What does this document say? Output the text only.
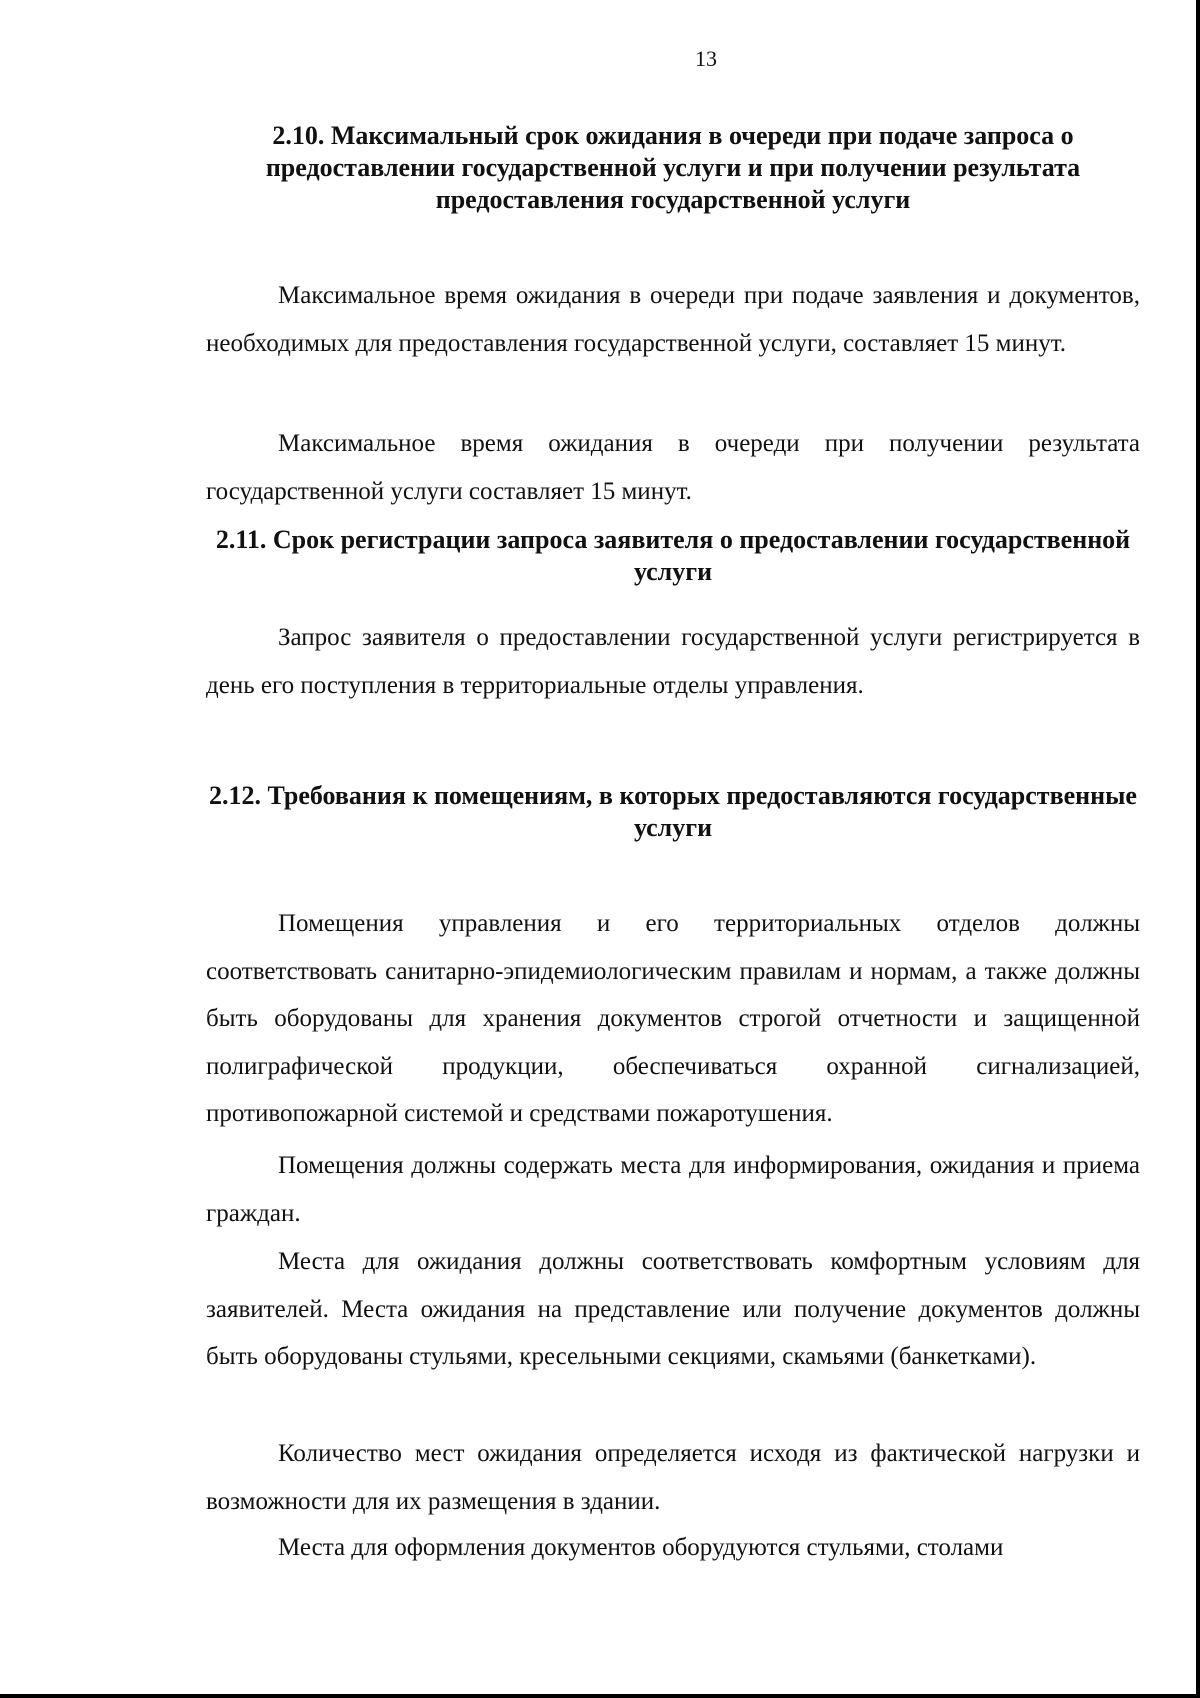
13
2.10. Максимальный срок ожидания в очереди при подаче запроса о предоставлении государственной услуги и при получении результата предоставления государственной услуги
Максимальное время ожидания в очереди при подаче заявления и документов, необходимых для предоставления государственной услуги, составляет 15 минут.
Максимальное время ожидания в очереди при получении результата государственной услуги составляет 15 минут.
2.11. Срок регистрации запроса заявителя о предоставлении государственной услуги
Запрос заявителя о предоставлении государственной услуги регистрируется в день его поступления в территориальные отделы управления.
2.12. Требования к помещениям, в которых предоставляются государственные услуги
Помещения управления и его территориальных отделов должны соответствовать санитарно-эпидемиологическим правилам и нормам, а также должны быть оборудованы для хранения документов строгой отчетности и защищенной полиграфической продукции, обеспечиваться охранной сигнализацией, противопожарной системой и средствами пожаротушения.
Помещения должны содержать места для информирования, ожидания и приема граждан.
Места для ожидания должны соответствовать комфортным условиям для заявителей. Места ожидания на представление или получение документов должны быть оборудованы стульями, кресельными секциями, скамьями (банкетками).
Количество мест ожидания определяется исходя из фактической нагрузки и возможности для их размещения в здании.
Места для оформления документов оборудуются стульями, столами
